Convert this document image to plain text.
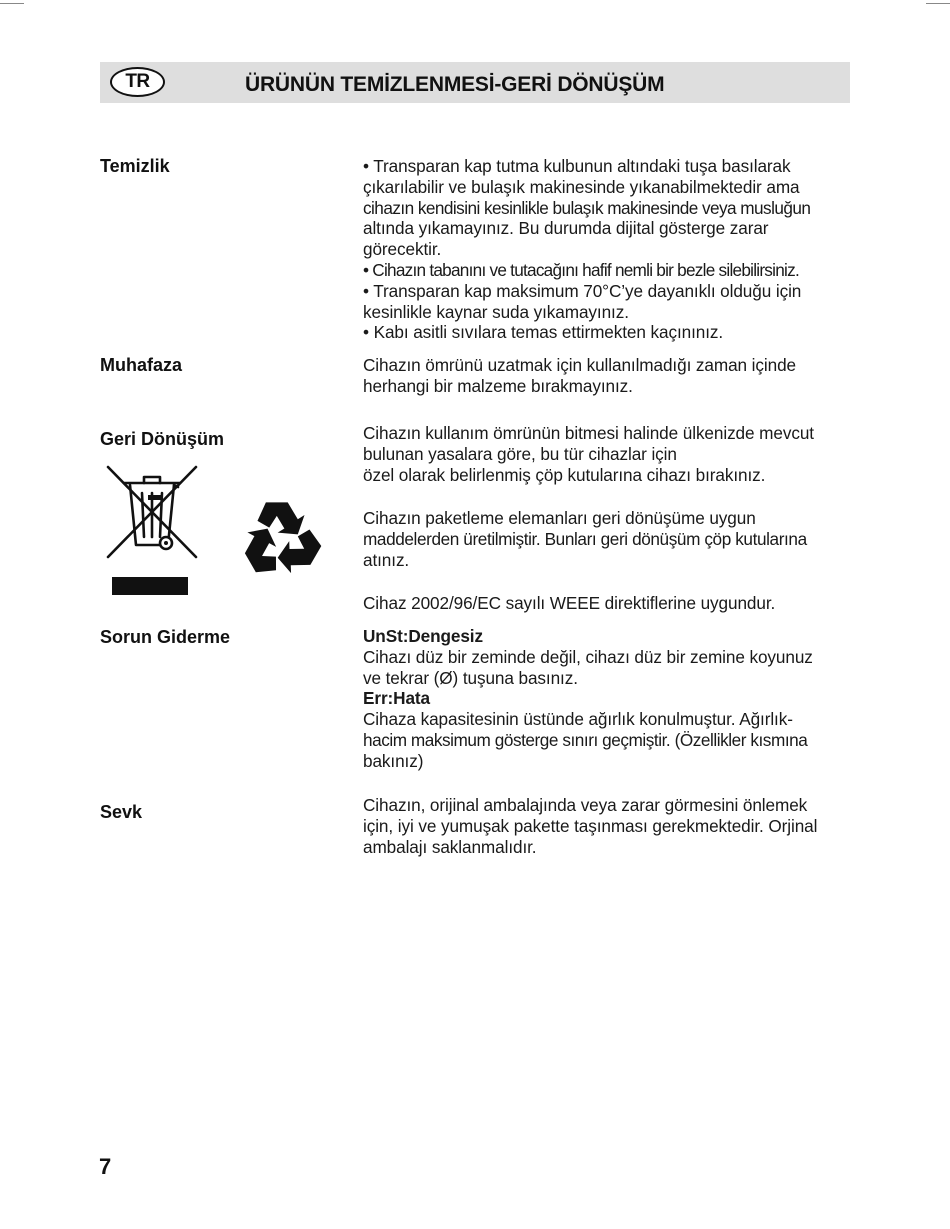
TR	ÜRÜNÜN TEMİZLENMESİ-GERİ DÖNÜŞÜM
Temizlik	• Transparan kap tutma kulbunun altındaki tuşa basılarak
çıkarılabilir ve bulaşık makinesinde yıkanabilmektedir ama
cihazın kendisini kesinlikle bulaşık makinesinde veya musluğun
altında yıkamayınız. Bu durumda dijital gösterge zarar
görecektir.
• Cihazın tabanını ve tutacağını hafif nemli bir bezle silebilirsiniz.
• Transparan kap maksimum 70°C’ye dayanıklı olduğu için
kesinlikle kaynar suda yıkamayınız.
• Kabı asitli sıvılara temas ettirmekten kaçınınız.
Muhafaza	Cihazın ömrünü uzatmak için kullanılmadığı zaman içinde
herhangi bir malzeme bırakmayınız.
Geri Dönüşüm	Cihazın kullanım ömrünün bitmesi halinde ülkenizde mevcut
bulunan yasalara göre, bu tür cihazlar için
özel olarak belirlenmiş çöp kutularına cihazı bırakınız.
Cihazın paketleme elemanları geri dönüşüme uygun
maddelerden üretilmiştir. Bunları geri dönüşüm çöp kutularına
atınız.
Cihaz 2002/96/EC sayılı WEEE direktiflerine uygundur.
Sorun Giderme	UnSt:Dengesiz
Cihazı düz bir zeminde değil, cihazı düz bir zemine koyunuz
ve tekrar (Ø) tuşuna basınız.
Err:Hata
Cihaza kapasitesinin üstünde ağırlık konulmuştur. Ağırlık-
hacim maksimum gösterge sınırı geçmiştir. (Özellikler kısmına
bakınız)
Sevk	Cihazın, orijinal ambalajında veya zarar görmesini önlemek
için, iyi ve yumuşak pakette taşınması gerekmektedir. Orjinal
ambalajı saklanmalıdır.
7
